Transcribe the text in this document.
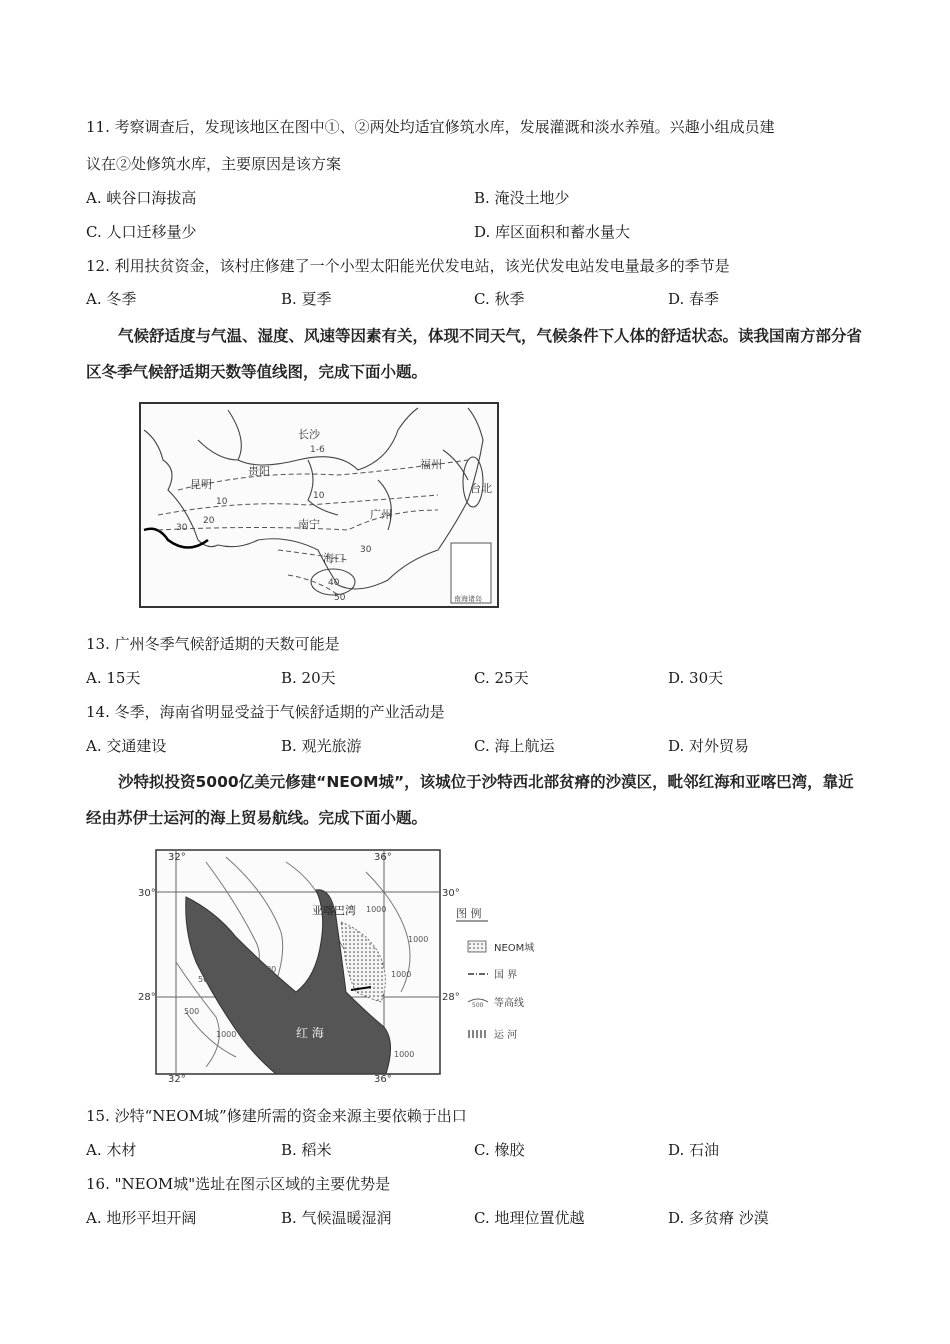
11. 考察调查后，发现该地区在图中①、②两处均适宜修筑水库，发展灌溉和淡水养殖。兴趣小组成员建
议在②处修筑水库，主要原因是该方案
A. 峡谷口海拔高	B. 淹没土地少
C. 人口迁移量少	D. 库区面积和蓄水量大
12. 利用扶贫资金，该村庄修建了一个小型太阳能光伏发电站，该光伏发电站发电量最多的季节是
A. 冬季	B. 夏季	C. 秋季	D. 春季
气候舒适度与气温、湿度、风速等因素有关，体现不同天气，气候条件下人体的舒适状态。读我国南方部分省区冬季气候舒适期天数等值线图，完成下面小题。
长沙
贵阳
昆明
福州
台北
南宁
广州
海口
1-6
10
10
20
30
30
40
50	南海诸岛
13. 广州冬季气候舒适期的天数可能是
A. 15天	B. 20天	C. 25天	D. 30天
14. 冬季，海南省明显受益于气候舒适期的产业活动是
A. 交通建设	B. 观光旅游	C. 海上航运	D. 对外贸易
沙特拟投资5000亿美元修建“NEOM城”，该城位于沙特西北部贫瘠的沙漠区，毗邻红海和亚喀巴湾，靠近经由苏伊士运河的海上贸易航线。完成下面小题。
32°	36°
32°	36°
30°	30°
28°	28°
亚喀巴湾
红 海
1000
1000
500
500
1000
1000
500
1000
图 例
NEOM城
国 界
500 等高线
运 河
15. 沙特“NEOM城”修建所需的资金来源主要依赖于出口
A. 木材	B. 稻米	C. 橡胶	D. 石油
16. "NEOM城"选址在图示区域的主要优势是
A. 地形平坦开阔	B. 气候温暖湿润	C. 地理位置优越	D. 多贫瘠 沙漠
